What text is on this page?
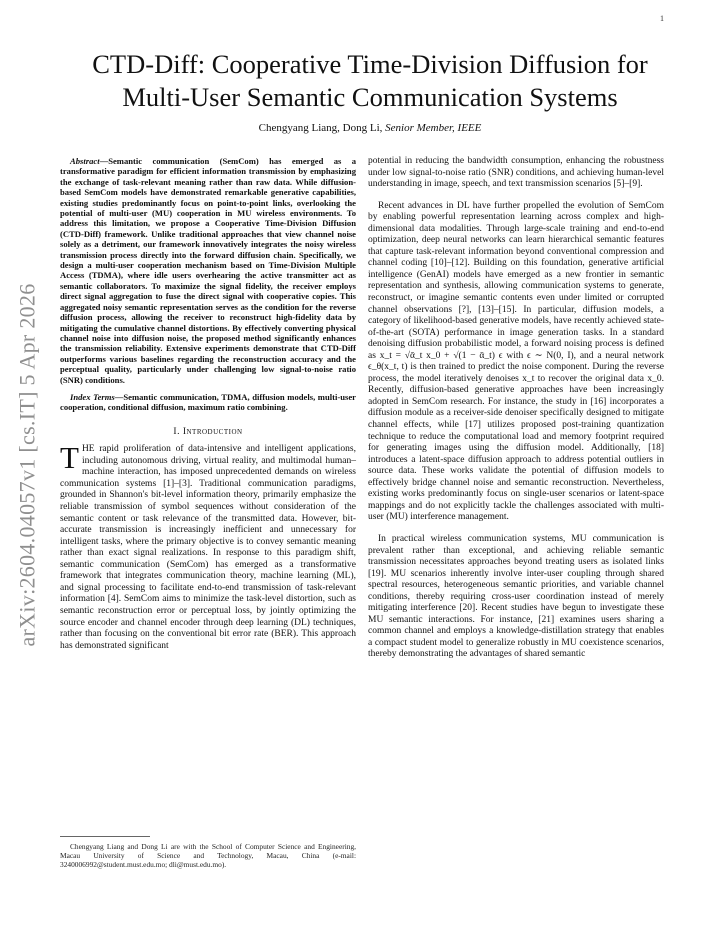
1
arXiv:2604.04057v1 [cs.IT] 5 Apr 2026
CTD-Diff: Cooperative Time-Division Diffusion for Multi-User Semantic Communication Systems
Chengyang Liang, Dong Li, Senior Member, IEEE

Abstract—Semantic communication (SemCom) has emerged as a transformative paradigm for efficient information transmission by emphasizing the exchange of task-relevant meaning rather than raw data. While diffusion-based SemCom models have demonstrated remarkable generative capabilities, existing studies predominantly focus on point-to-point links, overlooking the potential of multi-user (MU) cooperation in MU wireless environments. To address this limitation, we propose a Cooperative Time-Division Diffusion (CTD-Diff) framework. Unlike traditional approaches that view channel noise solely as a detriment, our framework innovatively integrates the noisy wireless transmission process directly into the forward diffusion chain. Specifically, we design a multi-user cooperation mechanism based on Time-Division Multiple Access (TDMA), where idle users overhearing the active transmitter act as semantic collaborators. To maximize the signal fidelity, the receiver employs direct signal aggregation to fuse the direct signal with cooperative copies. This aggregated noisy semantic representation serves as the condition for the reverse diffusion process, allowing the receiver to reconstruct high-fidelity data by mitigating the cumulative channel distortions. By effectively converting physical channel noise into diffusion noise, the proposed method significantly enhances the transmission reliability. Extensive experiments demonstrate that CTD-Diff outperforms various baselines regarding the reconstruction accuracy and the perceptual quality, particularly under challenging low signal-to-noise ratio (SNR) conditions.

Index Terms—Semantic communication, TDMA, diffusion models, multi-user cooperation, conditional diffusion, maximum ratio combining.

I. Introduction

THE rapid proliferation of data-intensive and intelligent applications, including autonomous driving, virtual reality, and multimodal human–machine interaction, has imposed unprecedented demands on wireless communication systems [1]–[3]. Traditional communication paradigms, grounded in Shannon's bit-level information theory, primarily emphasize the reliable transmission of symbol sequences without consideration of the semantic content or task relevance of the transmitted data. However, bit-accurate transmission is increasingly inefficient and unnecessary for intelligent tasks, where the primary objective is to convey semantic meaning rather than exact signal realizations. In response to this paradigm shift, semantic communication (SemCom) has emerged as a transformative framework that integrates communication theory, machine learning (ML), and signal processing to facilitate end-to-end transmission of task-relevant information [4]. SemCom aims to minimize the task-level distortion, such as semantic reconstruction error or perceptual loss, by jointly optimizing the source encoder and channel encoder through deep learning (DL) techniques, rather than focusing on the conventional bit error rate (BER). This approach has demonstrated significant

potential in reducing the bandwidth consumption, enhancing the robustness under low signal-to-noise ratio (SNR) conditions, and achieving human-level understanding in image, speech, and text transmission scenarios [5]–[9].

Recent advances in DL have further propelled the evolution of SemCom by enabling powerful representation learning across complex and high-dimensional data modalities. Through large-scale training and end-to-end optimization, deep neural networks can learn hierarchical semantic features that capture task-relevant information beyond conventional compression and channel coding [10]–[12]. Building on this foundation, generative artificial intelligence (GenAI) models have emerged as a new frontier in semantic representation and synthesis, allowing communication systems to generate, reconstruct, or imagine semantic contents even under limited or corrupted channel observations [?], [13]–[15]. In particular, diffusion models, a category of likelihood-based generative models, have recently achieved state-of-the-art (SOTA) performance in image generation tasks. In a standard denoising diffusion probabilistic model, a forward noising process is defined as x_t = √ᾱ_t x_0 + √(1 − ᾱ_t) ϵ with ϵ ∼ N(0, I), and a neural network ϵ_θ(x_t, t) is then trained to predict the noise component. During the reverse process, the model iteratively denoises x_t to recover the original data x_0. Recently, diffusion-based generative approaches have been increasingly adopted in SemCom research. For instance, the study in [16] incorporates a diffusion module as a receiver-side denoiser specifically designed to mitigate channel effects, while [17] utilizes proposed post-training quantization technique to reduce the computational load and memory footprint required for generating images using the diffusion model. Additionally, [18] introduces a latent-space diffusion approach to address potential outliers in source data. These works validate the potential of diffusion models to effectively bridge channel noise and semantic reconstruction. Nevertheless, existing works predominantly focus on single-user scenarios or latent-space mappings and do not explicitly tackle the challenges associated with multi-user (MU) interference management.

In practical wireless communication systems, MU communication is prevalent rather than exceptional, and achieving reliable semantic transmission necessitates approaches beyond treating users as isolated links [19]. MU scenarios inherently involve inter-user coupling through shared spectral resources, heterogeneous semantic priorities, and variable channel conditions, thereby requiring cross-user coordination instead of merely mitigating interference [20]. Recent studies have begun to investigate these MU semantic interactions. For instance, [21] examines users sharing a common channel and employs a knowledge-distillation strategy that enables a compact student model to generalize robustly in MU coexistence scenarios, thereby demonstrating the advantages of shared semantic

Chengyang Liang and Dong Li are with the School of Computer Science and Engineering, Macau University of Science and Technology, Macau, China (e-mail: 3240006992@student.must.edu.mo; dli@must.edu.mo).
